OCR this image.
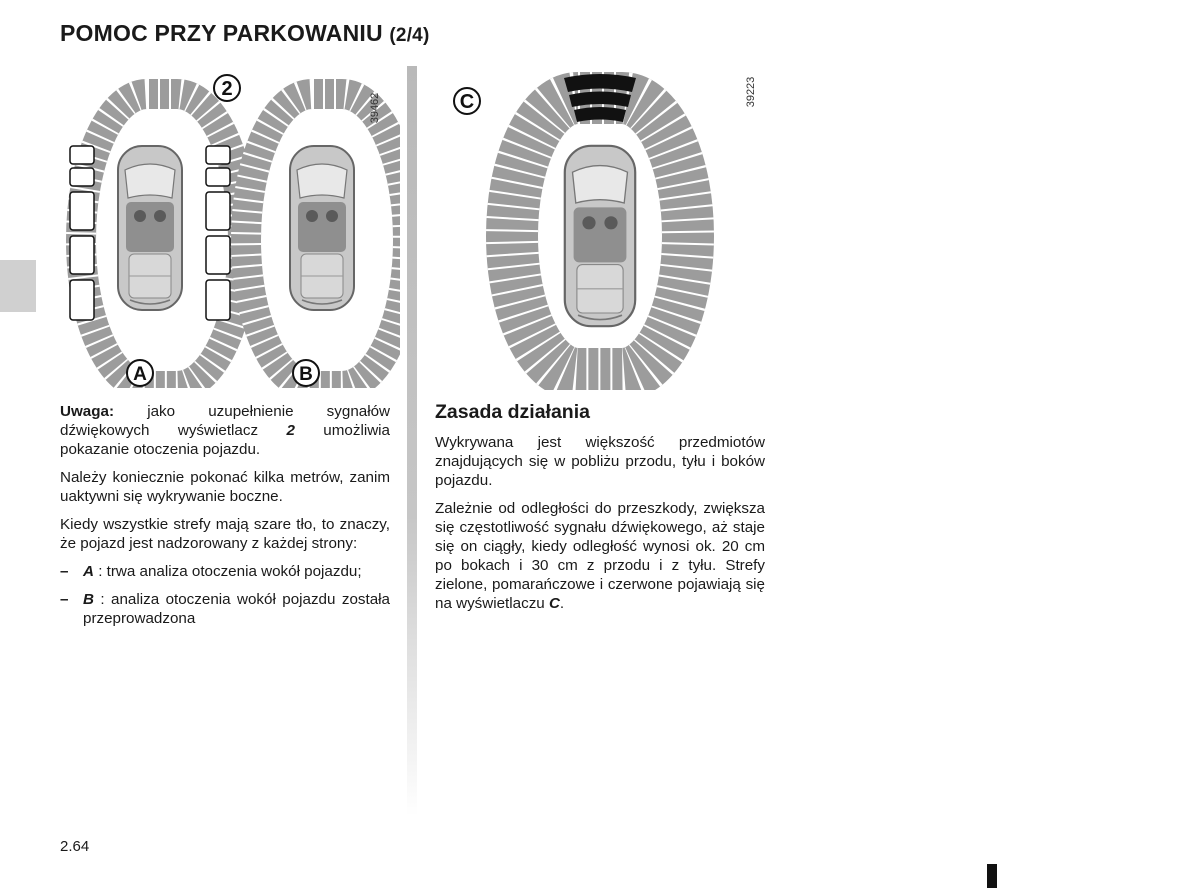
POMOC PRZY PARKOWANIU (2/4)
2
39462
A	B
C	39223

Uwaga: jako uzupełnienie sygnałów dźwiękowych wyświetlacz 2 umożliwia pokazanie otoczenia pojazdu.

Należy koniecznie pokonać kilka metrów, zanim uaktywni się wykrywanie boczne.

Kiedy wszystkie strefy mają szare tło, to znaczy, że pojazd jest nadzorowany z każdej strony:

– A : trwa analiza otoczenia wokół pojazdu;
– B : analiza otoczenia wokół pojazdu została przeprowadzona
Zasada działania

Wykrywana jest większość przedmiotów znajdujących się w pobliżu przodu, tyłu i boków pojazdu.

Zależnie od odległości do przeszkody, zwiększa się częstotliwość sygnału dźwiękowego, aż staje się on ciągły, kiedy odległość wynosi ok. 20 cm po bokach i 30 cm z przodu i z tyłu. Strefy zielone, pomarańczowe i czerwone pojawiają się na wyświetlaczu C.

2.64
